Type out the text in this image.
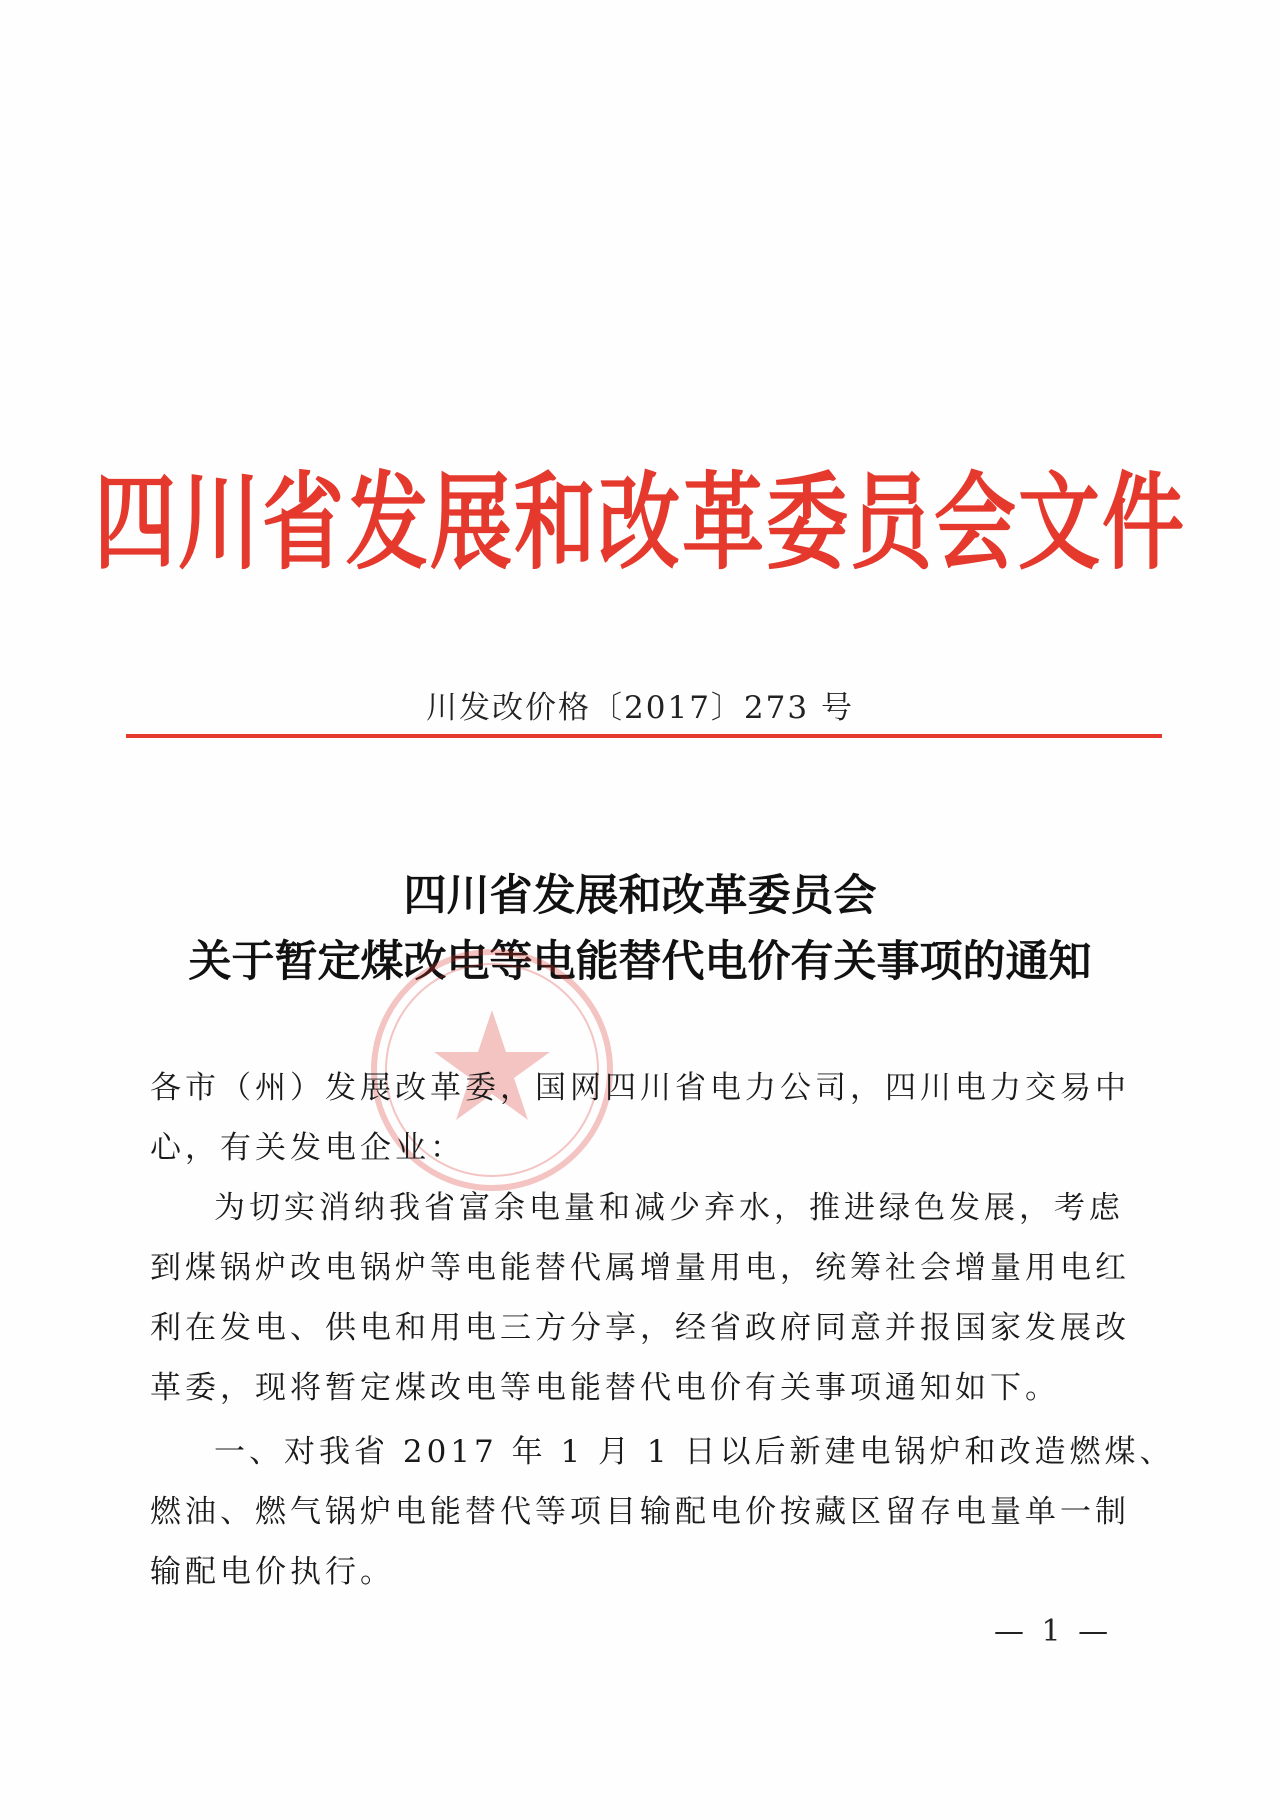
四川省发展和改革委员会文件
川发改价格〔2017〕273 号
四川省发展和改革委员会
关于暂定煤改电等电能替代电价有关事项的通知
各市（州）发展改革委，国网四川省电力公司，四川电力交易中
心，有关发电企业：
为切实消纳我省富余电量和减少弃水，推进绿色发展，考虑
到煤锅炉改电锅炉等电能替代属增量用电，统筹社会增量用电红
利在发电、供电和用电三方分享，经省政府同意并报国家发展改
革委，现将暂定煤改电等电能替代电价有关事项通知如下。
一、对我省 2017 年 1 月 1 日以后新建电锅炉和改造燃煤、
燃油、燃气锅炉电能替代等项目输配电价按藏区留存电量单一制
输配电价执行。
— 1 —
